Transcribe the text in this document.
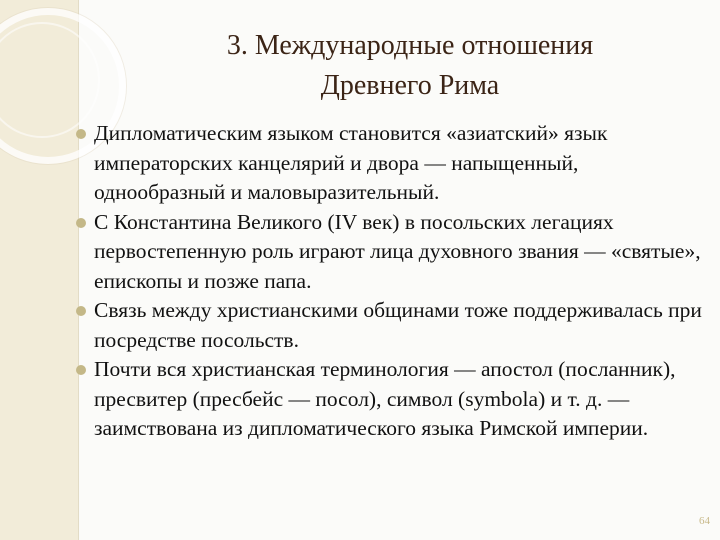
3. Международные отношения
Древнего Рима
Дипломатическим языком становится «азиатский» язык императорских канцелярий и двора — напыщенный, однообразный и маловыразительный.
С Константина Великого (IV век) в посольских легациях первостепенную роль играют лица духовного звания — «святые», епископы и позже папа.
Связь между христианскими общинами тоже поддерживалась при посредстве посольств.
Почти вся христианская терминология — апостол (посланник), пресвитер (пресбейс — посол), символ (symbola) и т. д. — заимствована из дипломатического языка Римской империи.
64
